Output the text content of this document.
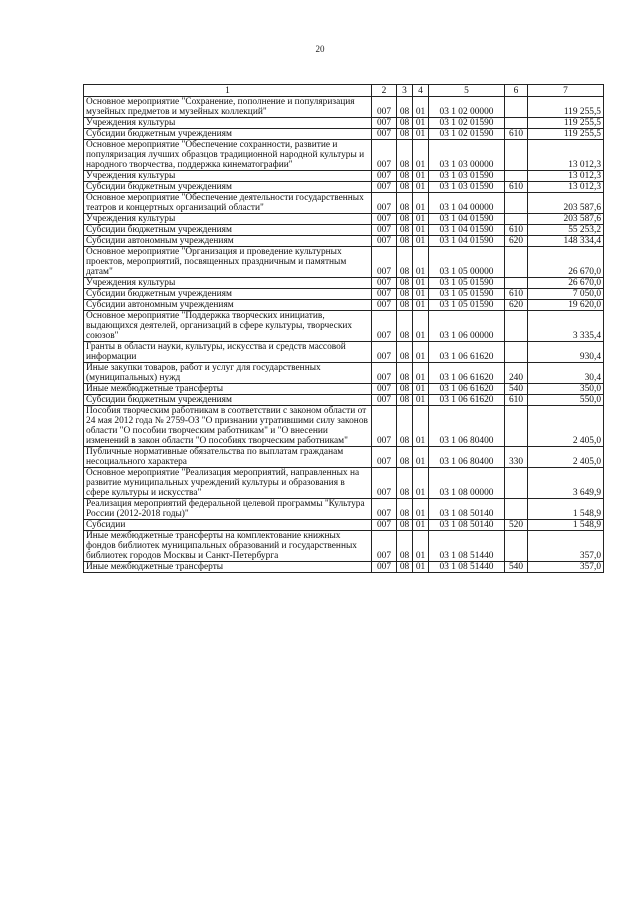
20
1	2	3	4	5	6	7
Основное мероприятие "Сохранение, пополнение и популяризация музейных предметов и музейных коллекций"	007	08	01	03 1 02 00000		119 255,5
Учреждения культуры	007	08	01	03 1 02 01590		119 255,5
Субсидии бюджетным учреждениям	007	08	01	03 1 02 01590	610	119 255,5
Основное мероприятие "Обеспечение сохранности, развитие и популяризация лучших образцов традиционной народной культуры и народного творчества, поддержка кинематографии"	007	08	01	03 1 03 00000		13 012,3
Учреждения культуры	007	08	01	03 1 03 01590		13 012,3
Субсидии бюджетным учреждениям	007	08	01	03 1 03 01590	610	13 012,3
Основное мероприятие "Обеспечение деятельности государственных театров и концертных организаций области"	007	08	01	03 1 04 00000		203 587,6
Учреждения культуры	007	08	01	03 1 04 01590		203 587,6
Субсидии бюджетным учреждениям	007	08	01	03 1 04 01590	610	55 253,2
Субсидии автономным учреждениям	007	08	01	03 1 04 01590	620	148 334,4
Основное мероприятие "Организация и проведение культурных проектов, мероприятий, посвященных праздничным и памятным датам"	007	08	01	03 1 05 00000		26 670,0
Учреждения культуры	007	08	01	03 1 05 01590		26 670,0
Субсидии бюджетным учреждениям	007	08	01	03 1 05 01590	610	7 050,0
Субсидии автономным учреждениям	007	08	01	03 1 05 01590	620	19 620,0
Основное мероприятие "Поддержка творческих инициатив, выдающихся деятелей, организаций в сфере культуры, творческих союзов"	007	08	01	03 1 06 00000		3 335,4
Гранты в области науки, культуры, искусства и средств массовой информации	007	08	01	03 1 06 61620		930,4
Иные закупки товаров, работ и услуг для государственных (муниципальных) нужд	007	08	01	03 1 06 61620	240	30,4
Иные межбюджетные трансферты	007	08	01	03 1 06 61620	540	350,0
Субсидии бюджетным учреждениям	007	08	01	03 1 06 61620	610	550,0
Пособия творческим работникам в соответствии с законом области от 24 мая 2012 года № 2759-ОЗ "О признании утратившими силу законов области "О пособии творческим работникам" и "О внесении изменений в закон области "О пособиях творческим работникам"	007	08	01	03 1 06 80400		2 405,0
Публичные нормативные обязательства по выплатам гражданам несоциального характера	007	08	01	03 1 06 80400	330	2 405,0
Основное мероприятие "Реализация мероприятий, направленных на развитие муниципальных учреждений культуры и образования в сфере культуры и искусства"	007	08	01	03 1 08 00000		3 649,9
Реализация мероприятий федеральной целевой программы "Культура России (2012-2018 годы)"	007	08	01	03 1 08 50140		1 548,9
Субсидии	007	08	01	03 1 08 50140	520	1 548,9
Иные межбюджетные трансферты на комплектование книжных фондов библиотек муниципальных образований и государственных библиотек городов Москвы и Санкт-Петербурга	007	08	01	03 1 08 51440		357,0
Иные межбюджетные трансферты	007	08	01	03 1 08 51440	540	357,0
